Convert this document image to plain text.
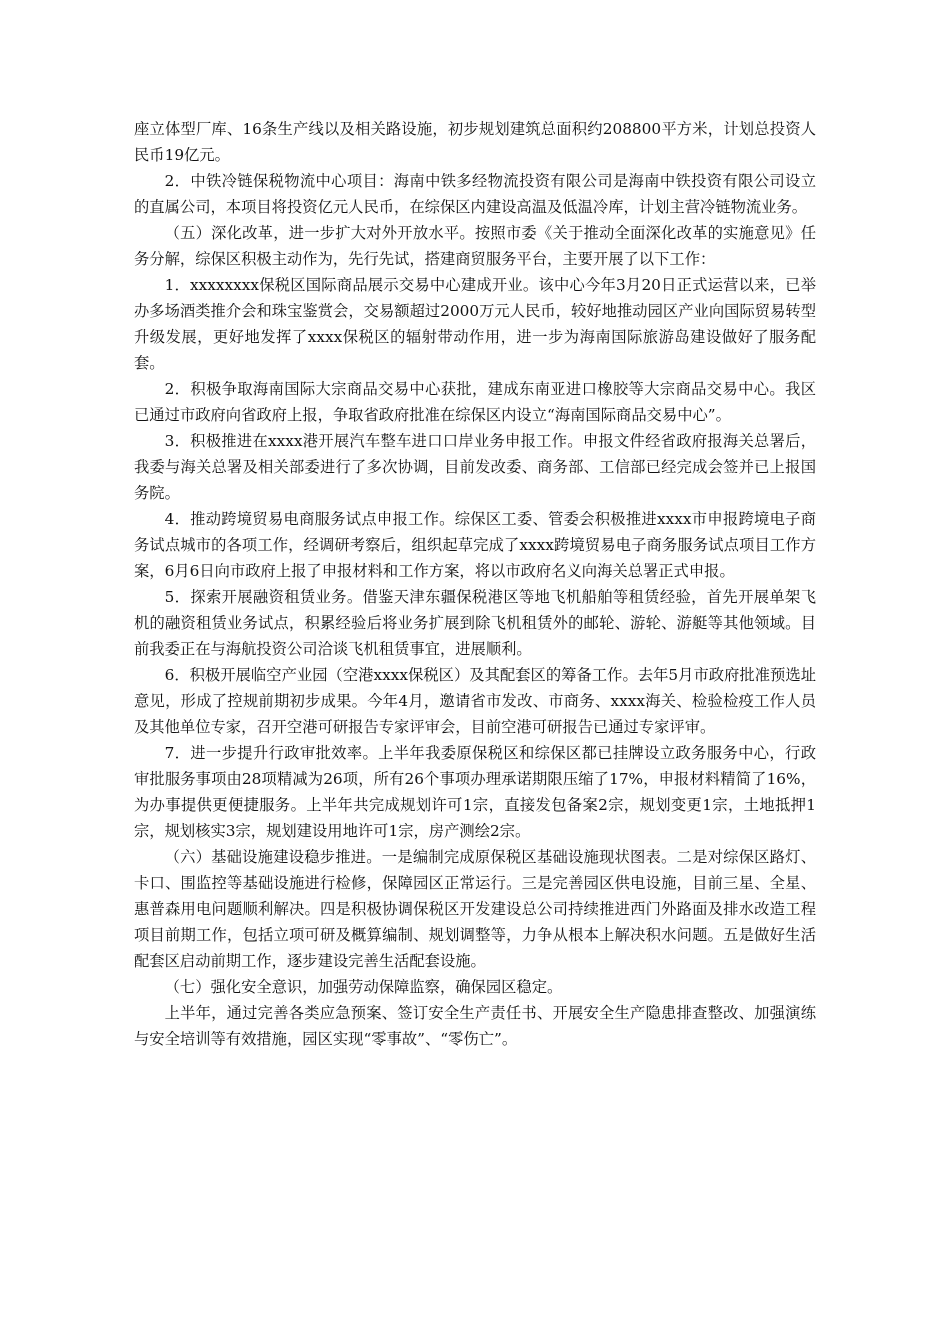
座立体型厂库、16条生产线以及相关路设施，初步规划建筑总面积约208800平方米，计划总投资人民币19亿元。

2．中铁冷链保税物流中心项目：海南中铁多经物流投资有限公司是海南中铁投资有限公司设立的直属公司，本项目将投资亿元人民币，在综保区内建设高温及低温冷库，计划主营冷链物流业务。

（五）深化改革，进一步扩大对外开放水平。按照市委《关于推动全面深化改革的实施意见》任务分解，综保区积极主动作为，先行先试，搭建商贸服务平台，主要开展了以下工作：

1．xxxxxxxx保税区国际商品展示交易中心建成开业。该中心今年3月20日正式运营以来，已举办多场酒类推介会和珠宝鉴赏会，交易额超过2000万元人民币，较好地推动园区产业向国际贸易转型升级发展，更好地发挥了xxxx保税区的辐射带动作用，进一步为海南国际旅游岛建设做好了服务配套。

2．积极争取海南国际大宗商品交易中心获批，建成东南亚进口橡胶等大宗商品交易中心。我区已通过市政府向省政府上报，争取省政府批准在综保区内设立“海南国际商品交易中心”。

3．积极推进在xxxx港开展汽车整车进口口岸业务申报工作。申报文件经省政府报海关总署后，我委与海关总署及相关部委进行了多次协调，目前发改委、商务部、工信部已经完成会签并已上报国务院。

4．推动跨境贸易电商服务试点申报工作。综保区工委、管委会积极推进xxxx市申报跨境电子商务试点城市的各项工作，经调研考察后，组织起草完成了xxxx跨境贸易电子商务服务试点项目工作方案，6月6日向市政府上报了申报材料和工作方案，将以市政府名义向海关总署正式申报。

5．探索开展融资租赁业务。借鉴天津东疆保税港区等地飞机船舶等租赁经验，首先开展单架飞机的融资租赁业务试点，积累经验后将业务扩展到除飞机租赁外的邮轮、游轮、游艇等其他领域。目前我委正在与海航投资公司洽谈飞机租赁事宜，进展顺利。

6．积极开展临空产业园（空港xxxx保税区）及其配套区的筹备工作。去年5月市政府批准预选址意见，形成了控规前期初步成果。今年4月，邀请省市发改、市商务、xxxx海关、检验检疫工作人员及其他单位专家，召开空港可研报告专家评审会，目前空港可研报告已通过专家评审。

7．进一步提升行政审批效率。上半年我委原保税区和综保区都已挂牌设立政务服务中心，行政审批服务事项由28项精减为26项，所有26个事项办理承诺期限压缩了17%，申报材料精简了16%，为办事提供更便捷服务。上半年共完成规划许可1宗，直接发包备案2宗，规划变更1宗，土地抵押1宗，规划核实3宗，规划建设用地许可1宗，房产测绘2宗。

（六）基础设施建设稳步推进。一是编制完成原保税区基础设施现状图表。二是对综保区路灯、卡口、围监控等基础设施进行检修，保障园区正常运行。三是完善园区供电设施，目前三星、全星、惠普森用电问题顺利解决。四是积极协调保税区开发建设总公司持续推进西门外路面及排水改造工程项目前期工作，包括立项可研及概算编制、规划调整等，力争从根本上解决积水问题。五是做好生活配套区启动前期工作，逐步建设完善生活配套设施。

（七）强化安全意识，加强劳动保障监察，确保园区稳定。

上半年，通过完善各类应急预案、签订安全生产责任书、开展安全生产隐患排查整改、加强演练与安全培训等有效措施，园区实现“零事故”、“零伤亡”。
